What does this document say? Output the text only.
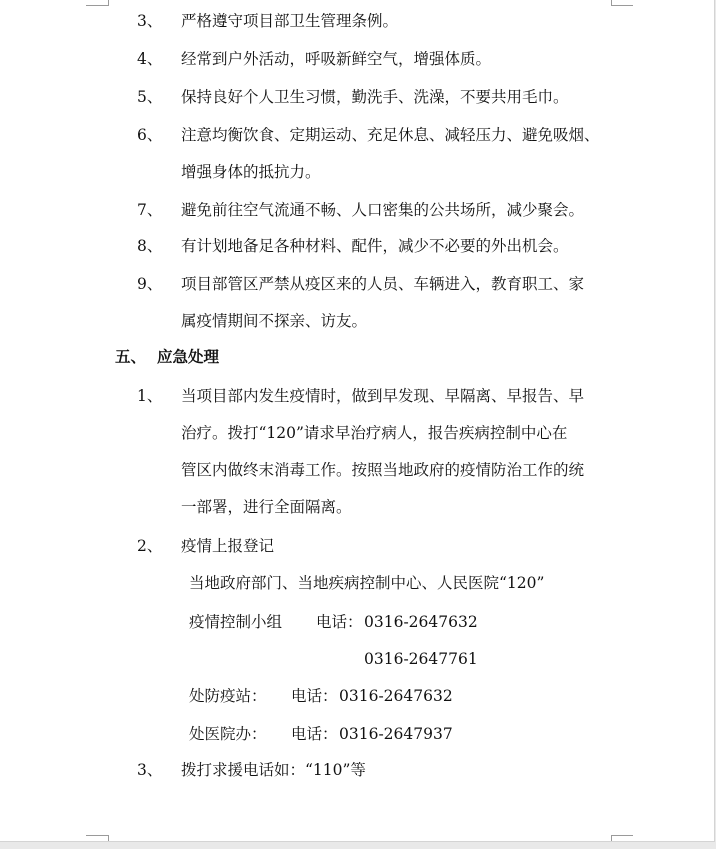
3、 严格遵守项目部卫生管理条例。
4、 经常到户外活动，呼吸新鲜空气，增强体质。
5、 保持良好个人卫生习惯，勤洗手、洗澡，不要共用毛巾。
6、 注意均衡饮食、定期运动、充足休息、减轻压力、避免吸烟、
增强身体的抵抗力。
7、 避免前往空气流通不畅、人口密集的公共场所，减少聚会。
8、 有计划地备足各种材料、配件，减少不必要的外出机会。
9、 项目部管区严禁从疫区来的人员、车辆进入，教育职工、家
属疫情期间不探亲、访友。
五、 应急处理
1、 当项目部内发生疫情时，做到早发现、早隔离、早报告、早
治疗。拨打“120”请求早治疗病人，报告疾病控制中心在
管区内做终末消毒工作。按照当地政府的疫情防治工作的统
一部署，进行全面隔离。
2、 疫情上报登记
当地政府部门、当地疾病控制中心、人民医院“120”
疫情控制小组 电话： 0316-2647632
0316-2647761
处防疫站： 电话： 0316-2647632
处医院办： 电话： 0316-2647937
3、 拨打求援电话如：“110”等
